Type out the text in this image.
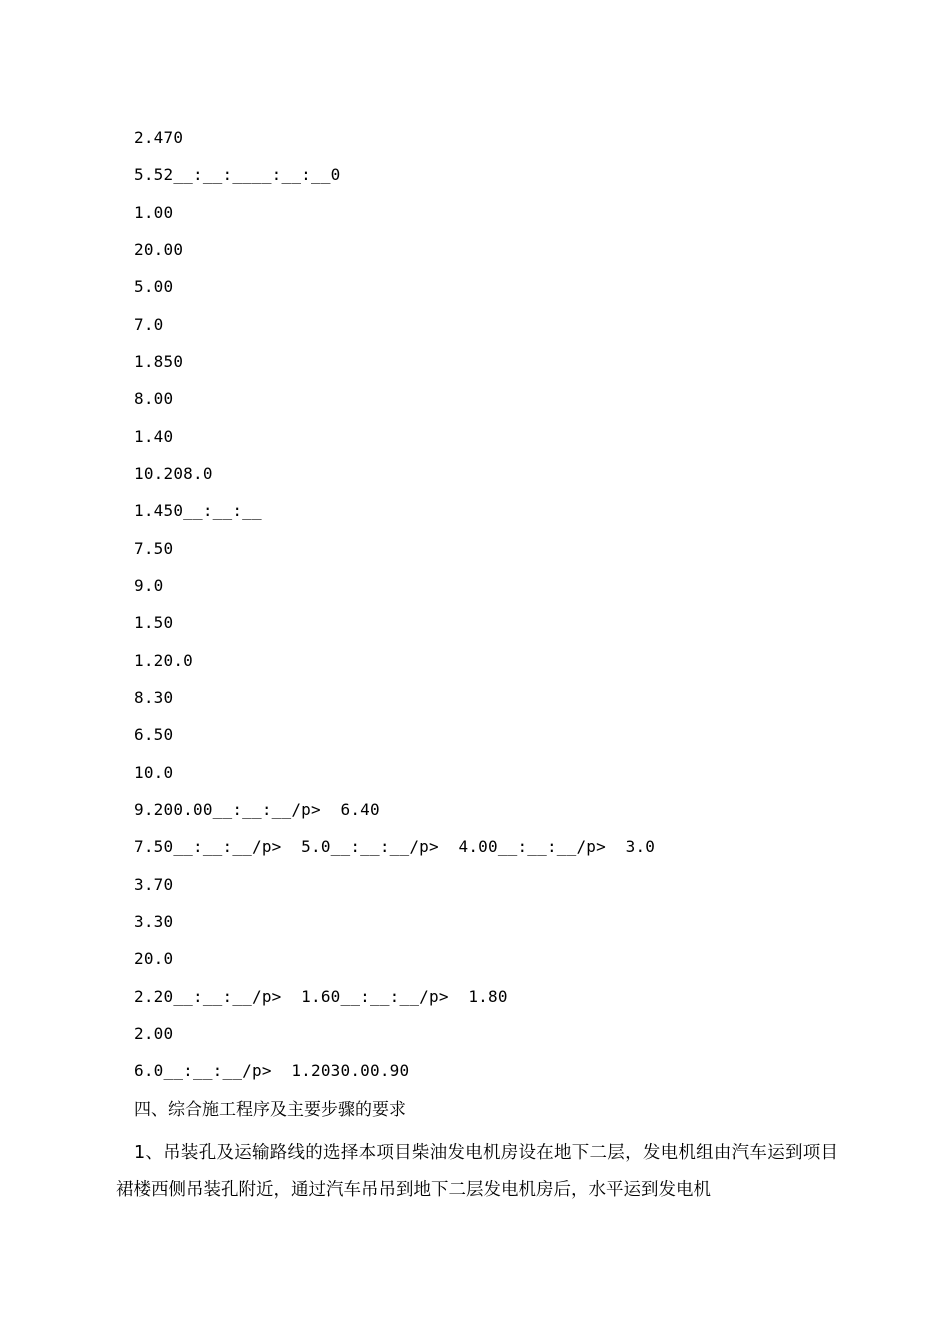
2.470
5.52__:__:____:__:__0
1.00
20.00
5.00
7.0
1.850
8.00
1.40
10.208.0
1.450__:__:__
7.50
9.0
1.50
1.20.0
8.30
6.50
10.0
9.200.00__:__:__/p>  6.40
7.50__:__:__/p>  5.0__:__:__/p>  4.00__:__:__/p>  3.0
3.70
3.30
20.0
2.20__:__:__/p>  1.60__:__:__/p>  1.80
2.00
6.0__:__:__/p>  1.2030.00.90
四、综合施工程序及主要步骤的要求
1、吊装孔及运输路线的选择本项目柴油发电机房设在地下二层，发电机组由汽车运到项目裙楼西侧吊装孔附近，通过汽车吊吊到地下二层发电机房后，水平运到发电机
